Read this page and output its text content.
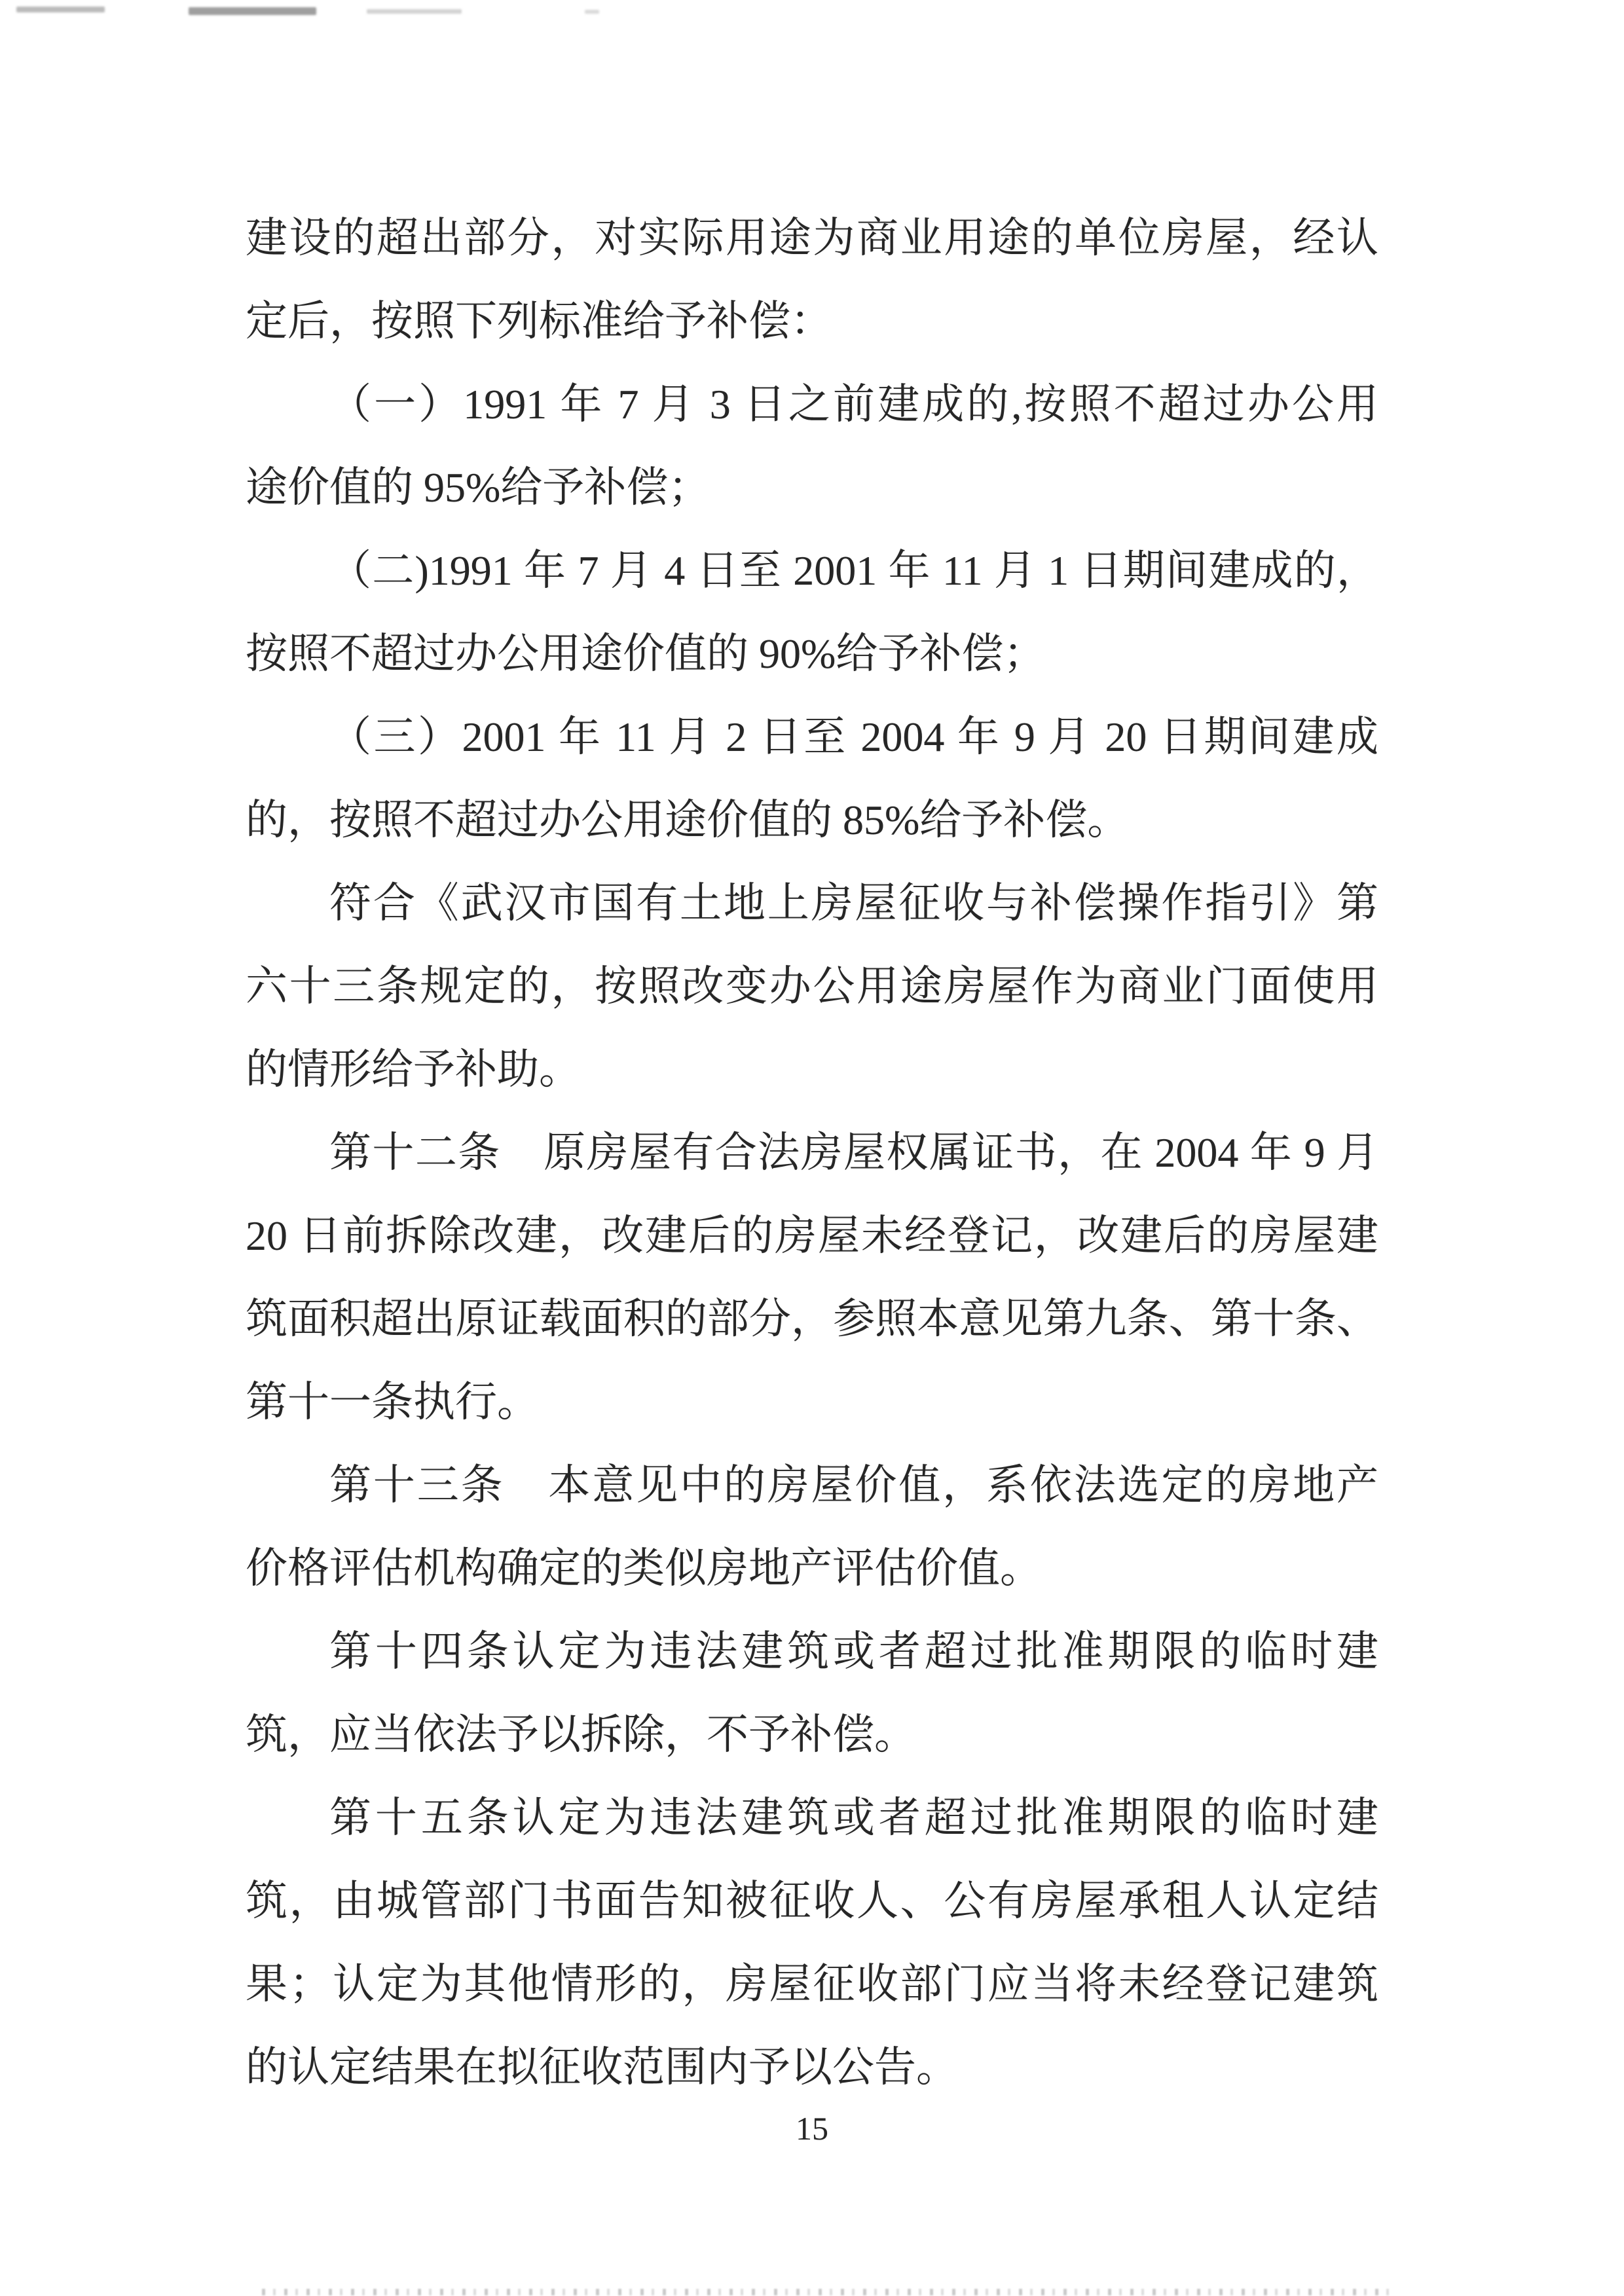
建设的超出部分，对实际用途为商业用途的单位房屋，经认
定后，按照下列标准给予补偿：
（一）1991 年 7 月 3 日之前建成的,按照不超过办公用
途价值的 95%给予补偿；
（二)1991 年 7 月 4 日至 2001 年 11 月 1 日期间建成的，
按照不超过办公用途价值的 90%给予补偿；
（三）2001 年 11 月 2 日至 2004 年 9 月 20 日期间建成
的，按照不超过办公用途价值的 85%给予补偿。
符合《武汉市国有土地上房屋征收与补偿操作指引》第
六十三条规定的，按照改变办公用途房屋作为商业门面使用
的情形给予补助。
第十二条　原房屋有合法房屋权属证书，在 2004 年 9 月
20 日前拆除改建，改建后的房屋未经登记，改建后的房屋建
筑面积超出原证载面积的部分，参照本意见第九条、第十条、
第十一条执行。
第十三条　本意见中的房屋价值，系依法选定的房地产
价格评估机构确定的类似房地产评估价值。
第十四条认定为违法建筑或者超过批准期限的临时建
筑，应当依法予以拆除，不予补偿。
第十五条认定为违法建筑或者超过批准期限的临时建
筑，由城管部门书面告知被征收人、公有房屋承租人认定结
果；认定为其他情形的，房屋征收部门应当将未经登记建筑
的认定结果在拟征收范围内予以公告。
15
